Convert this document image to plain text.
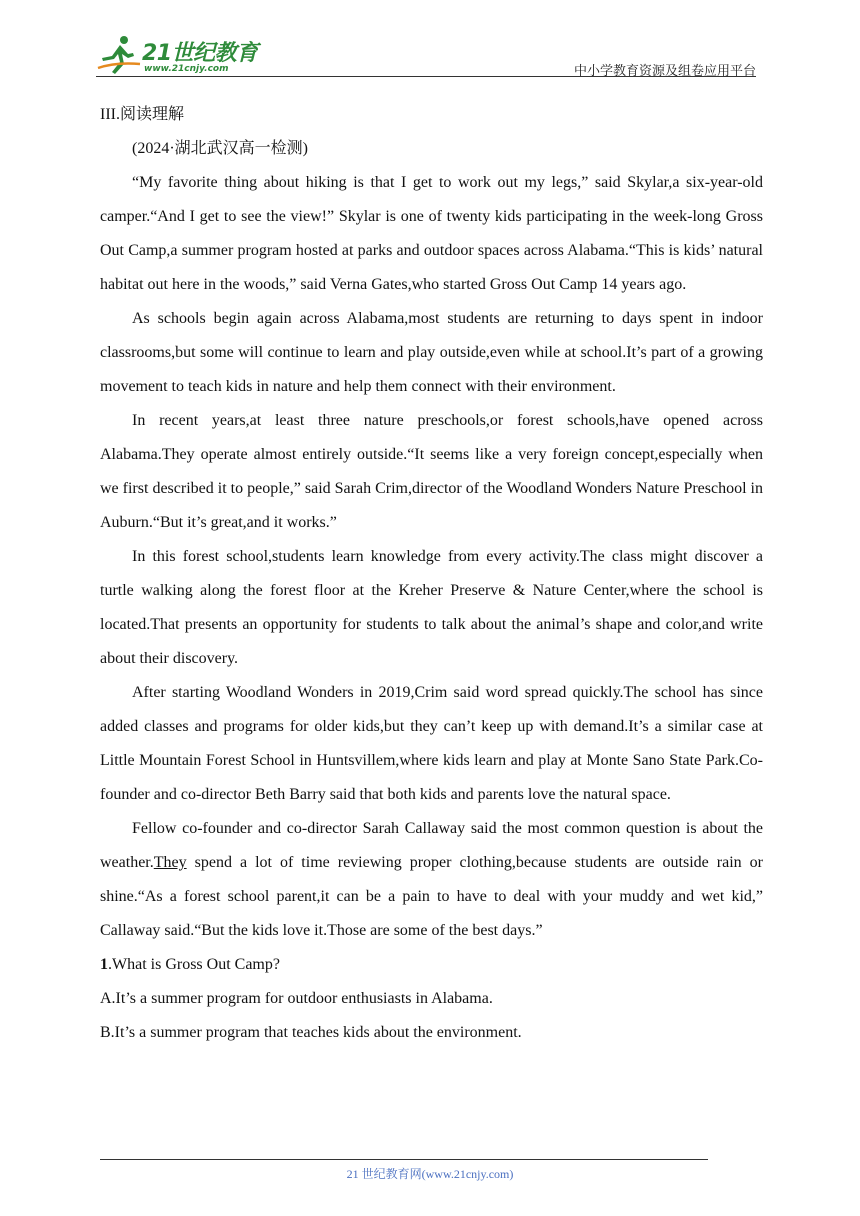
21世纪教育
www.21cnjy.com	中小学教育资源及组卷应用平台

III.阅读理解

(2024·湖北武汉高一检测)

“My favorite thing about hiking is that I get to work out my legs,” said Skylar,a six-year-old camper.“And I get to see the view!” Skylar is one of twenty kids participating in the week-long Gross Out Camp,a summer program hosted at parks and outdoor spaces across Alabama.“This is kids’ natural habitat out here in the woods,” said Verna Gates,who started Gross Out Camp 14 years ago.

As schools begin again across Alabama,most students are returning to days spent in indoor classrooms,but some will continue to learn and play outside,even while at school.It’s part of a growing movement to teach kids in nature and help them connect with their environment.

In recent years,at least three nature preschools,or forest schools,have opened across Alabama.They operate almost entirely outside.“It seems like a very foreign concept,especially when we first described it to people,” said Sarah Crim,director of the Woodland Wonders Nature Preschool in Auburn.“But it’s great,and it works.”

In this forest school,students learn knowledge from every activity.The class might discover a turtle walking along the forest floor at the Kreher Preserve & Nature Center,where the school is located.That presents an opportunity for students to talk about the animal’s shape and color,and write about their discovery.

After starting Woodland Wonders in 2019,Crim said word spread quickly.The school has since added classes and programs for older kids,but they can’t keep up with demand.It’s a similar case at Little Mountain Forest School in Huntsvillem,where kids learn and play at Monte Sano State Park.Co-founder and co-director Beth Barry said that both kids and parents love the natural space.

Fellow co-founder and co-director Sarah Callaway said the most common question is about the weather.They spend a lot of time reviewing proper clothing,because students are outside rain or shine.“As a forest school parent,it can be a pain to have to deal with your muddy and wet kid,” Callaway said.“But the kids love it.Those are some of the best days.”

1.What is Gross Out Camp?

A.It’s a summer program for outdoor enthusiasts in Alabama.

B.It’s a summer program that teaches kids about the environment.

21 世纪教育网(www.21cnjy.com)
